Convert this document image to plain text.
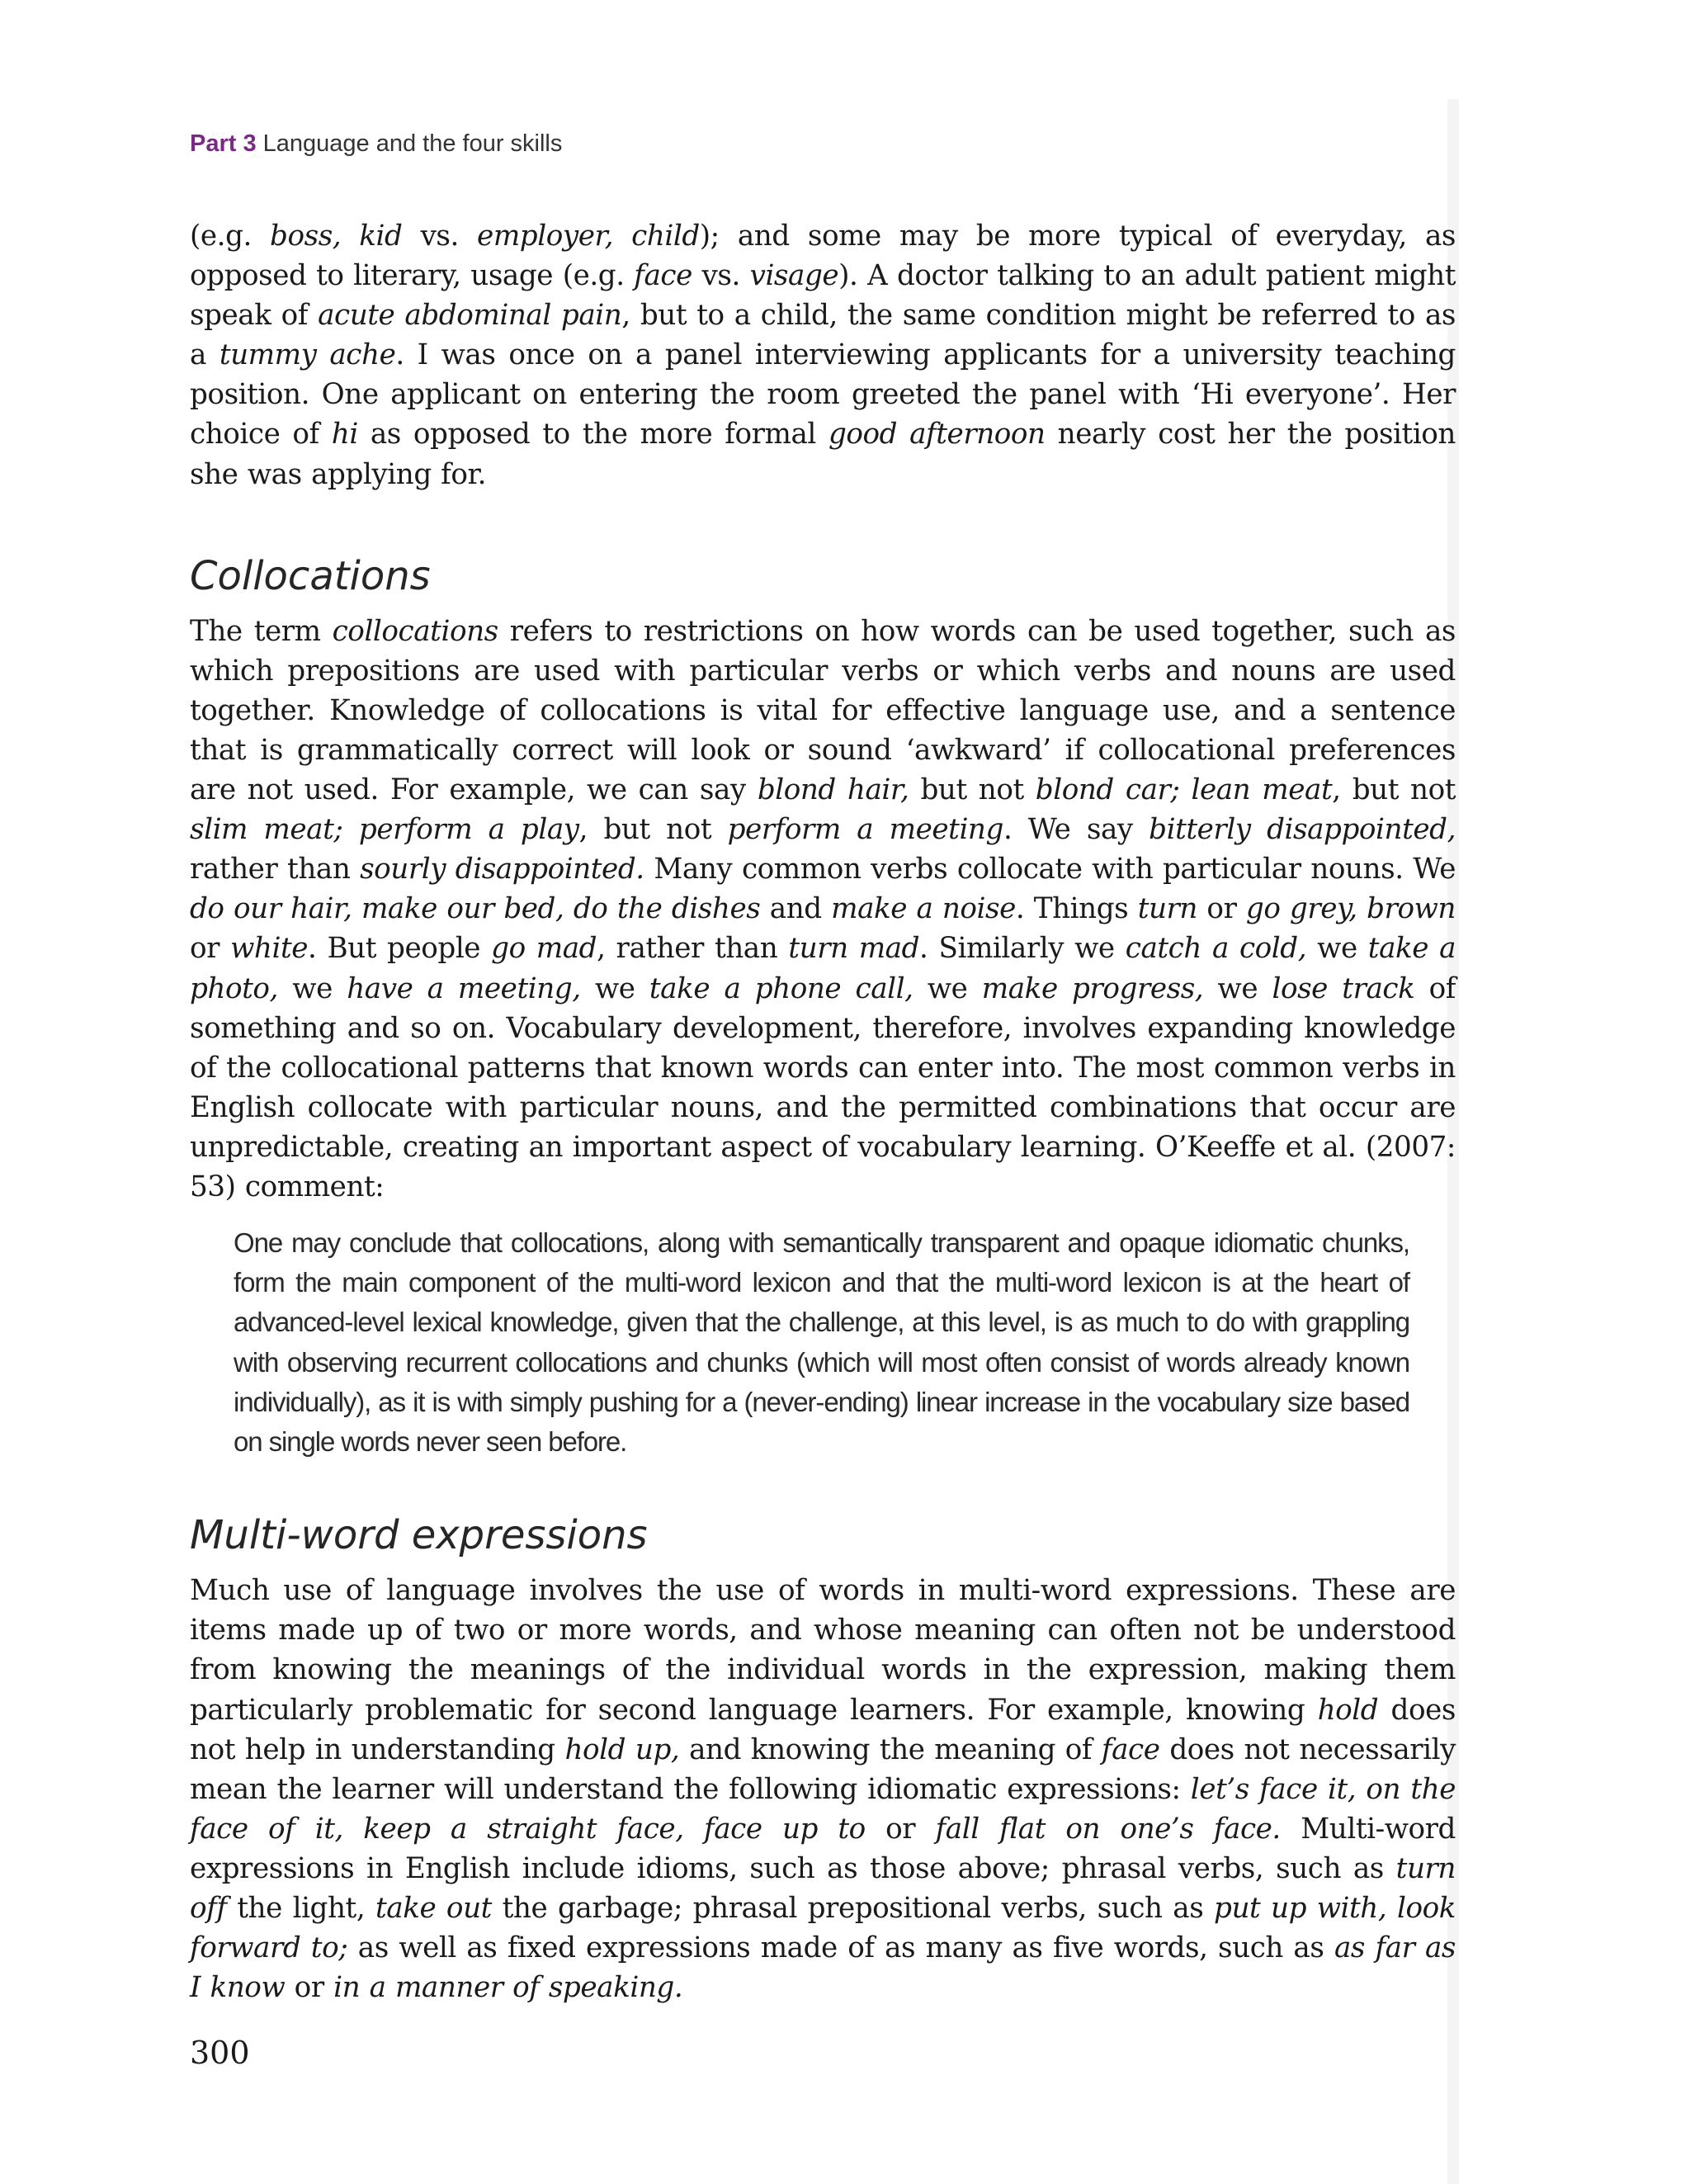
Part 3 Language and the four skills

(e.g. boss, kid vs. employer, child); and some may be more typical of everyday, as opposed to literary, usage (e.g. face vs. visage). A doctor talking to an adult patient might speak of acute abdominal pain, but to a child, the same condition might be referred to as a tummy ache. I was once on a panel interviewing applicants for a university teaching position. One applicant on entering the room greeted the panel with ‘Hi everyone’. Her choice of hi as opposed to the more formal good afternoon nearly cost her the position she was applying for.

Collocations

The term collocations refers to restrictions on how words can be used together, such as which prepositions are used with particular verbs or which verbs and nouns are used together. Knowledge of collocations is vital for effective language use, and a sentence that is grammatically correct will look or sound ‘awkward’ if collocational preferences are not used. For example, we can say blond hair, but not blond car; lean meat, but not slim meat; perform a play, but not perform a meeting. We say bitterly disappointed, rather than sourly disappointed. Many common verbs collocate with particular nouns. We do our hair, make our bed, do the dishes and make a noise. Things turn or go grey, brown or white. But people go mad, rather than turn mad. Similarly we catch a cold, we take a photo, we have a meeting, we take a phone call, we make progress, we lose track of something and so on. Vocabulary development, therefore, involves expanding knowledge of the collocational patterns that known words can enter into. The most common verbs in English collocate with particular nouns, and the permitted combinations that occur are unpredictable, creating an important aspect of vocabulary learning. O’Keeffe et al. (2007: 53) comment:

One may conclude that collocations, along with semantically transparent and opaque idiomatic chunks, form the main component of the multi-word lexicon and that the multi-word lexicon is at the heart of advanced-level lexical knowledge, given that the challenge, at this level, is as much to do with grappling with observing recurrent collocations and chunks (which will most often consist of words already known individually), as it is with simply pushing for a (never-ending) linear increase in the vocabulary size based on single words never seen before.
Multi-word expressions

Much use of language involves the use of words in multi-word expressions. These are items made up of two or more words, and whose meaning can often not be understood from knowing the meanings of the individual words in the expression, making them particularly problematic for second language learners. For example, knowing hold does not help in understanding hold up, and knowing the meaning of face does not necessarily mean the learner will understand the following idiomatic expressions: let’s face it, on the face of it, keep a straight face, face up to or fall flat on one’s face. Multi-word expressions in English include idioms, such as those above; phrasal verbs, such as turn off the light, take out the garbage; phrasal prepositional verbs, such as put up with, look forward to; as well as fixed expressions made of as many as five words, such as as far as I know or in a manner of speaking.

300
